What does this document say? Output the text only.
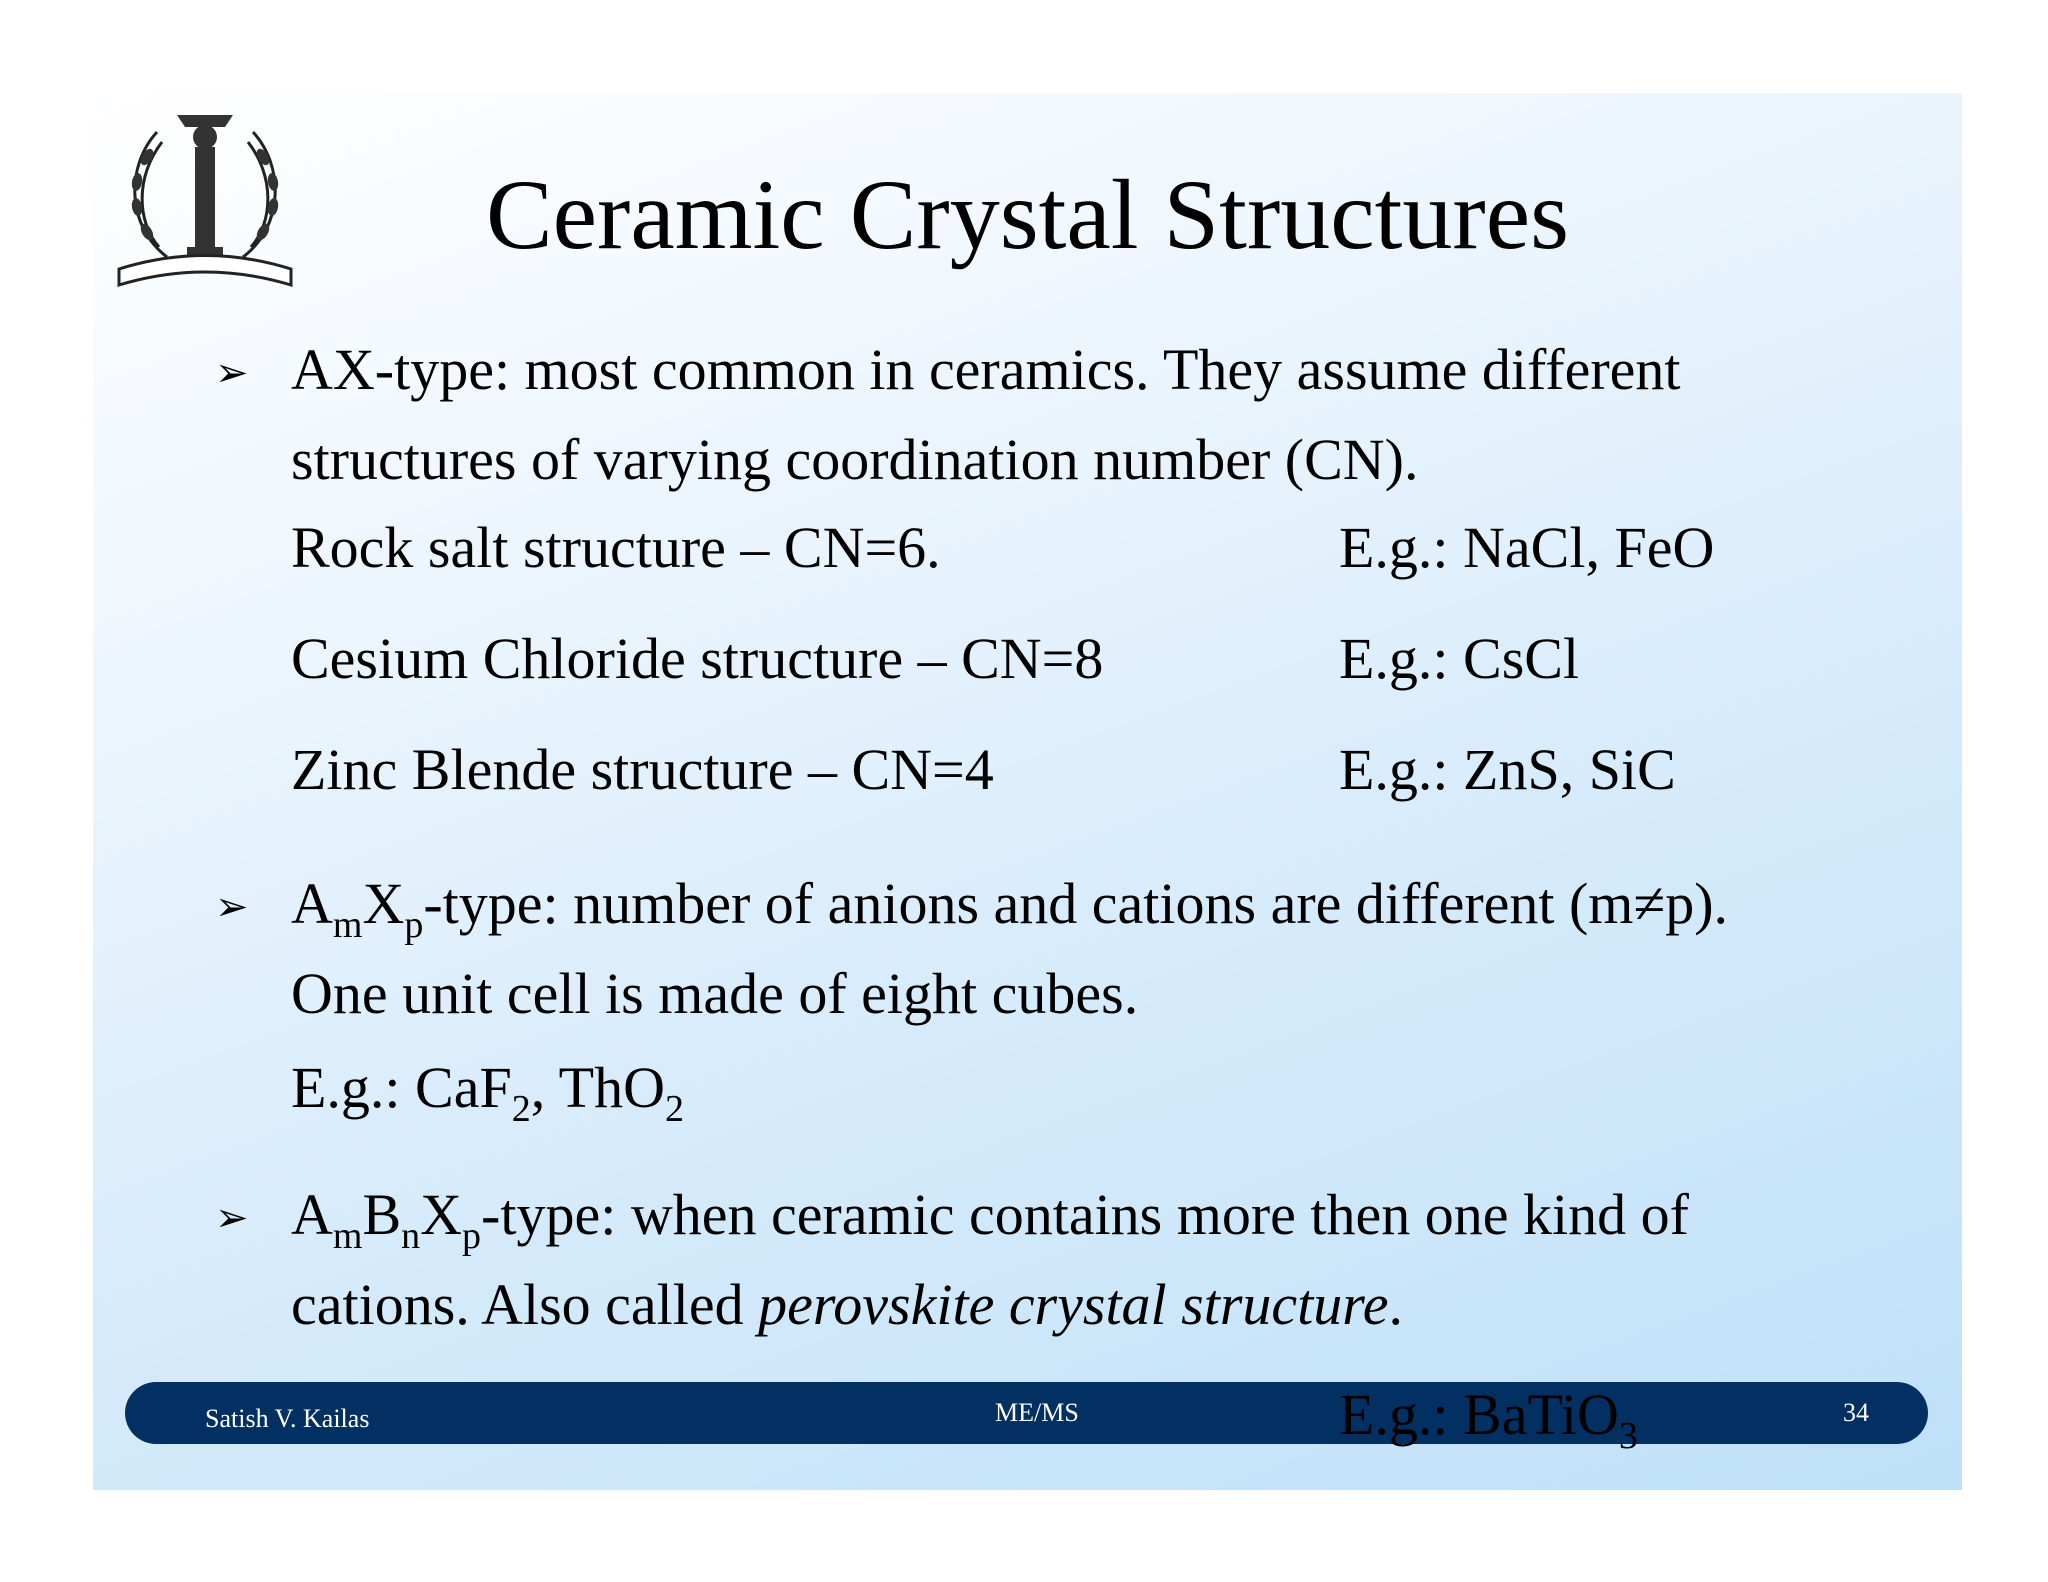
Ceramic Crystal Structures
➢ AX-type: most common in ceramics. They assume different
structures of varying coordination number (CN).
Rock salt structure – CN=6.	E.g.: NaCl, FeO
Cesium Chloride structure – CN=8	E.g.: CsCl
Zinc Blende structure – CN=4	E.g.: ZnS, SiC
➢ $A_mX_p$-type: number of anions and cations are different (m≠p).
One unit cell is made of eight cubes.
E.g.: CaF$_2$, ThO$_2$
➢ $A_mB_nX_p$-type: when ceramic contains more then one kind of
cations. Also called perovskite crystal structure.
Satish V. Kailas	ME/MS	34
E.g.: BaTiO$_3$
